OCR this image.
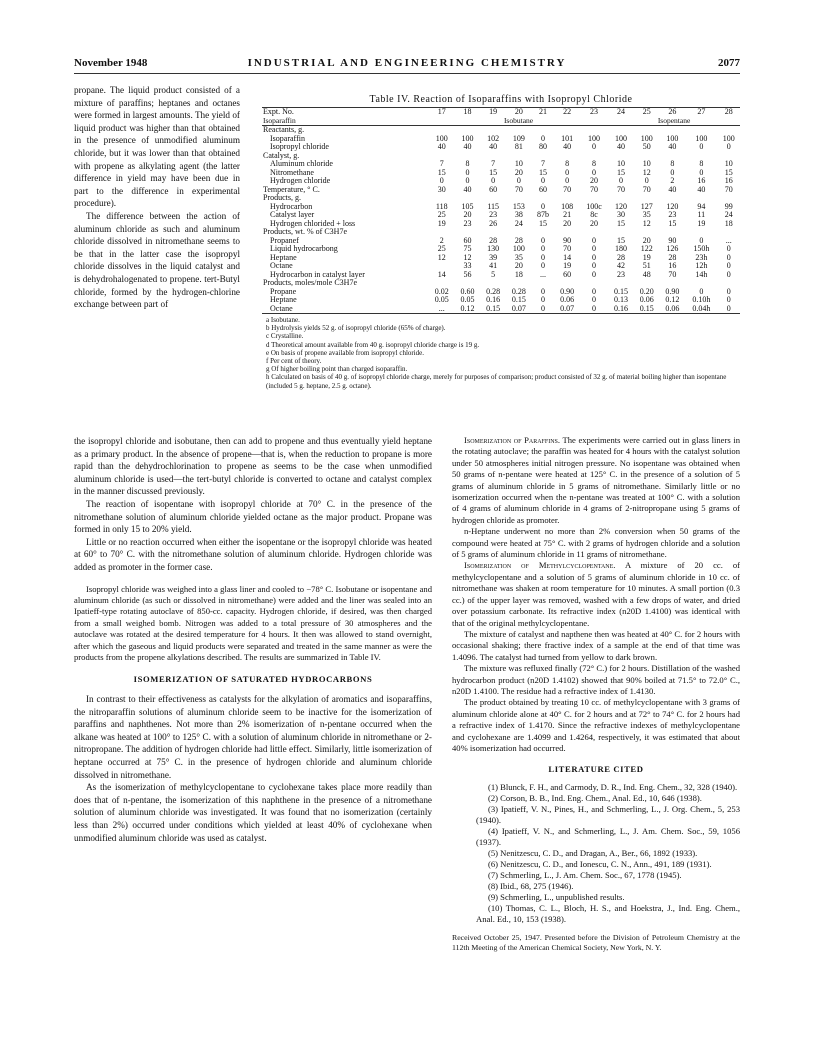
November 1948	INDUSTRIAL AND ENGINEERING CHEMISTRY	2077

propane. The liquid product consisted of a mixture of paraffins; heptanes and octanes were formed in largest amounts. The yield of liquid product was higher than that obtained in the presence of unmodified aluminum chloride, but it was lower than that obtained with propene as alkylating agent (the latter difference in yield may have been due in part to the difference in experimental procedure).

The difference between the action of aluminum chloride as such and aluminum chloride dissolved in nitromethane seems to be that in the latter case the isopropyl chloride dissolves in the liquid catalyst and is dehydrohalogenated to propene. tert-Butyl chloride, formed by the hydrogen-chlorine exchange between part of

Table IV. Reaction of Isoparaffins with Isopropyl Chloride
Expt. No.	17	18	19	20	21	22	23	24	25	26	27	28
Isoparaffin	Isobutane							Isopentane				
Reactants, g.												
Isoparaffin	100	100	102	109	0	101	100	100	100	100	100	100
Isopropyl chloride	40	40	40	81	80	40	0	40	50	40	0	0
Catalyst, g.												
Aluminum chloride	7	8	7	10	7	8	8	10	10	8	8	10
Nitromethane	15	0	15	20	15	0	0	15	12	0	0	15
Hydrogen chloride	0	0	0	0	0	0	20	0	0	2	16	16
Temperature, ° C.	30	40	60	70	60	70	70	70	70	40	40	70
Products, g.												
Hydrocarbon	118	105	115	153	0	108	100c	120	127	120	94	99
Catalyst layer	25	20	23	38	87b	21	8c	30	35	23	11	24
Hydrogen chlorided + loss	19	23	26	24	15	20	20	15	12	15	19	18
Products, wt. % of C3H7e												
Propanef	2	60	28	28	0	90	0	15	20	90	0	...
Liquid hydrocarbong	25	75	130	100	0	70	0	180	122	126	150h	0
Heptane	12	12	39	35	0	14	0	28	19	28	23h	0
Octane		33	41	20	0	19	0	42	51	16	12h	0
Hydrocarbon in catalyst layer	14	56	5	18	...	60	0	23	48	70	14h	0
Products, moles/mole C3H7e												
Propane	0.02	0.60	0.28	0.28	0	0.90	0	0.15	0.20	0.90	0	0
Heptane	0.05	0.05	0.16	0.15	0	0.06	0	0.13	0.06	0.12	0.10h	0
Octane	...	0.12	0.15	0.07	0	0.07	0	0.16	0.15	0.06	0.04h	0
a Isobutane.
b Hydrolysis yields 52 g. of isopropyl chloride (65% of charge).
c Crystalline.
d Theoretical amount available from 40 g. isopropyl chloride charge is 19 g.
e On basis of propene available from isopropyl chloride.
f Per cent of theory.
g Of higher boiling point than charged isoparaffin.
h Calculated on basis of 40 g. of isopropyl chloride charge, merely for purposes of comparison; product consisted of 32 g. of material boiling higher than isopentane (included 5 g. heptane, 2.5 g. octane).

the isopropyl chloride and isobutane, then can add to propene and thus eventually yield heptane as a primary product. In the absence of propene—that is, when the reduction to propane is more rapid than the dehydrochlorination to propene as seems to be the case when unmodified aluminum chloride is used—the tert-butyl chloride is converted to octane and catalyst complex in the manner discussed previously.

The reaction of isopentane with isopropyl chloride at 70° C. in the presence of the nitromethane solution of aluminum chloride yielded octane as the major product. Propane was formed in only 15 to 20% yield.

Little or no reaction occurred when either the isopentane or the isopropyl chloride was heated at 60° to 70° C. with the nitromethane solution of aluminum chloride. Hydrogen chloride was added as promoter in the former case.

Isopropyl chloride was weighed into a glass liner and cooled to −78° C. Isobutane or isopentane and aluminum chloride (as such or dissolved in nitromethane) were added and the liner was sealed into an Ipatieff-type rotating autoclave of 850-cc. capacity. Hydrogen chloride, if desired, was then charged from a small weighed bomb. Nitrogen was added to a total pressure of 30 atmospheres and the autoclave was rotated at the desired temperature for 4 hours. It then was allowed to stand overnight, after which the gaseous and liquid products were separated and treated in the same manner as were the products from the propene alkylations described. The results are summarized in Table IV.

ISOMERIZATION OF SATURATED HYDROCARBONS

In contrast to their effectiveness as catalysts for the alkylation of aromatics and isoparaffins, the nitroparaffin solutions of aluminum chloride seem to be inactive for the isomerization of paraffins and naphthenes. Not more than 2% isomerization of n-pentane occurred when the alkane was heated at 100° to 125° C. with a solution of aluminum chloride in nitromethane or 2-nitropropane. The addition of hydrogen chloride had little effect. Similarly, little isomerization of heptane occurred at 75° C. in the presence of hydrogen chloride and aluminum chloride dissolved in nitromethane.

As the isomerization of methylcyclopentane to cyclohexane takes place more readily than does that of n-pentane, the isomerization of this naphthene in the presence of a nitromethane solution of aluminum chloride was investigated. It was found that no isomerization (certainly less than 2%) occurred under conditions which yielded at least 40% of cyclohexane when unmodified aluminum chloride was used as catalyst.

Isomerization of Paraffins. The experiments were carried out in glass liners in the rotating autoclave; the paraffin was heated for 4 hours with the catalyst solution under 50 atmospheres initial nitrogen pressure. No isopentane was obtained when 50 grams of n-pentane were heated at 125° C. in the presence of a solution of 5 grams of aluminum chloride in 5 grams of nitromethane. Similarly little or no isomerization occurred when the n-pentane was treated at 100° C. with a solution of 4 grams of aluminum chloride in 4 grams of 2-nitropropane using 5 grams of hydrogen chloride as promoter.

n-Heptane underwent no more than 2% conversion when 50 grams of the compound were heated at 75° C. with 2 grams of hydrogen chloride and a solution of 5 grams of aluminum chloride in 11 grams of nitromethane.

Isomerization of Methylcyclopentane. A mixture of 20 cc. of methylcyclopentane and a solution of 5 grams of aluminum chloride in 10 cc. of nitromethane was shaken at room temperature for 10 minutes. A small portion (0.3 cc.) of the upper layer was removed, washed with a few drops of water, and dried over potassium carbonate. Its refractive index (n20D 1.4100) was identical with that of the original methylcyclopentane.

The mixture of catalyst and napthene then was heated at 40° C. for 2 hours with occasional shaking; there fractive index of a sample at the end of that time was 1.4096. The catalyst had turned from yellow to dark brown.

The mixture was refluxed finally (72° C.) for 2 hours. Distillation of the washed hydrocarbon product (n20D 1.4102) showed that 90% boiled at 71.5° to 72.0° C., n20D 1.4100. The residue had a refractive index of 1.4130.

The product obtained by treating 10 cc. of methylcyclopentane with 3 grams of aluminum chloride alone at 40° C. for 2 hours and at 72° to 74° C. for 2 hours had a refractive index of 1.4170. Since the refractive indexes of methylcyclopentane and cyclohexane are 1.4099 and 1.4264, respectively, it was estimated that about 40% isomerization had occurred.

LITERATURE CITED

(1) Blunck, F. H., and Carmody, D. R., Ind. Eng. Chem., 32, 328 (1940).

(2) Corson, B. B., Ind. Eng. Chem., Anal. Ed., 10, 646 (1938).

(3) Ipatieff, V. N., Pines, H., and Schmerling, L., J. Org. Chem., 5, 253 (1940).

(4) Ipatieff, V. N., and Schmerling, L., J. Am. Chem. Soc., 59, 1056 (1937).

(5) Nenitzescu, C. D., and Dragan, A., Ber., 66, 1892 (1933).

(6) Nenitzescu, C. D., and Ionescu, C. N., Ann., 491, 189 (1931).

(7) Schmerling, L., J. Am. Chem. Soc., 67, 1778 (1945).

(8) Ibid., 68, 275 (1946).

(9) Schmerling, L., unpublished results.

(10) Thomas, C. L., Bloch, H. S., and Hoekstra, J., Ind. Eng. Chem., Anal. Ed., 10, 153 (1938).

Received October 25, 1947. Presented before the Division of Petroleum Chemistry at the 112th Meeting of the American Chemical Society, New York, N. Y.
